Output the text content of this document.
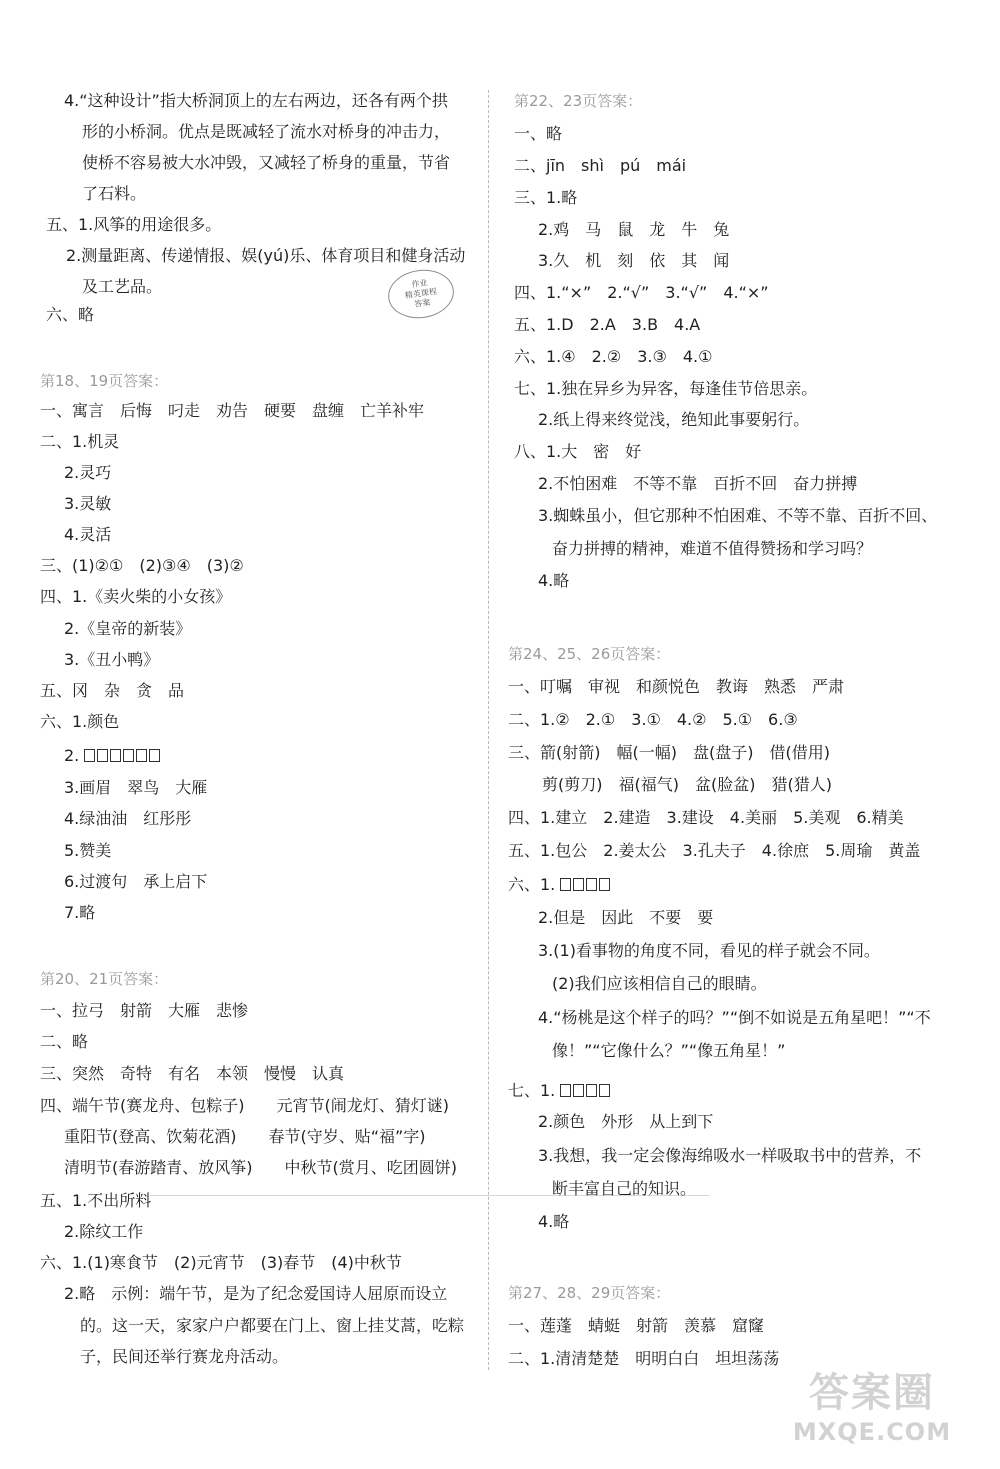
4.“这种设计”指大桥洞顶上的左右两边，还各有两个拱
形的小桥洞。优点是既减轻了流水对桥身的冲击力，
使桥不容易被大水冲毁，又减轻了桥身的重量，节省
了石料。
五、1.风筝的用途很多。
2.测量距离、传递情报、娱(yú)乐、体育项目和健身活动
及工艺品。
六、略
第18、19页答案：
一、寓言　后悔　叼走　劝告　硬要　盘缠　亡羊补牢
二、1.机灵
2.灵巧
3.灵敏
4.灵活
三、(1)②①　(2)③④　(3)②
四、1.《卖火柴的小女孩》
2.《皇帝的新装》
3.《丑小鸭》
五、冈　杂　贪　品
六、1.颜色
2.
3.画眉　翠鸟　大雁
4.绿油油　红彤彤
5.赞美
6.过渡句　承上启下
7.略
第20、21页答案：
一、拉弓　射箭　大雁　悲惨
二、略
三、突然　奇特　有名　本领　慢慢　认真
四、端午节(赛龙舟、包粽子)　　元宵节(闹龙灯、猜灯谜)
重阳节(登高、饮菊花酒)　　春节(守岁、贴“福”字)
清明节(春游踏青、放风筝)　　中秋节(赏月、吃团圆饼)
五、1.不出所料
2.除纹工作
六、1.(1)寒食节　(2)元宵节　(3)春节　(4)中秋节
2.略　示例：端午节，是为了纪念爱国诗人屈原而设立
的。这一天，家家户户都要在门上、窗上挂艾蒿，吃粽
子，民间还举行赛龙舟活动。
作业
精英课程
答案
第22、23页答案：
一、略
二、jīn　shì　pú　mái
三、1.略
2.鸡　马　鼠　龙　牛　兔
3.久　机　刻　依　其　闻
四、1.“×”　2.“√”　3.“√”　4.“×”
五、1.D　2.A　3.B　4.A
六、1.④　2.②　3.③　4.①
七、1.独在异乡为异客，每逢佳节倍思亲。
2.纸上得来终觉浅，绝知此事要躬行。
八、1.大　密　好
2.不怕困难　不等不靠　百折不回　奋力拼搏
3.蜘蛛虽小，但它那种不怕困难、不等不靠、百折不回、
奋力拼搏的精神，难道不值得赞扬和学习吗？
4.略
第24、25、26页答案：
一、叮嘱　审视　和颜悦色　教诲　熟悉　严肃
二、1.②　2.①　3.①　4.②　5.①　6.③
三、箭(射箭)　幅(一幅)　盘(盘子)　借(借用)
剪(剪刀)　福(福气)　盆(脸盆)　猎(猎人)
四、1.建立　2.建造　3.建设　4.美丽　5.美观　6.精美
五、1.包公　2.姜太公　3.孔夫子　4.徐庶　5.周瑜　黄盖
六、1.
2.但是　因此　不要　要
3.(1)看事物的角度不同，看见的样子就会不同。
(2)我们应该相信自己的眼睛。
4.“杨桃是这个样子的吗？”“倒不如说是五角星吧！”“不
像！”“它像什么？”“像五角星！”
七、1.
2.颜色　外形　从上到下
3.我想，我一定会像海绵吸水一样吸取书中的营养，不
断丰富自己的知识。
4.略
第27、28、29页答案：
一、莲蓬　蜻蜓　射箭　羡慕　窟窿
二、1.清清楚楚　明明白白　坦坦荡荡
答案圈
MXQE.COM
